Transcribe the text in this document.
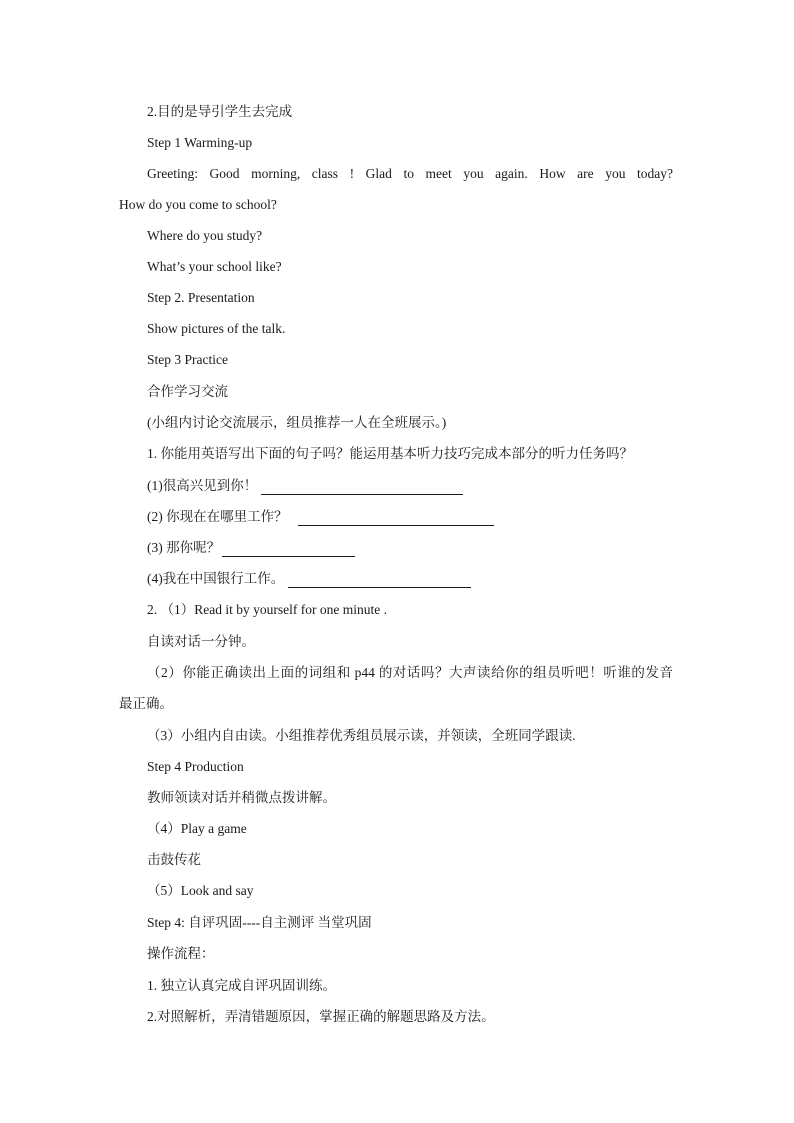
2.目的是导引学生去完成
Step 1 Warming-up
Greeting: Good morning, class ! Glad to meet you again. How are you today?
How do you come to school?
Where do you study?
What’s your school like?
Step 2. Presentation
Show pictures of the talk.
Step 3 Practice
合作学习交流
(小组内讨论交流展示，组员推荐一人在全班展示。)
1. 你能用英语写出下面的句子吗？能运用基本听力技巧完成本部分的听力任务吗？
(1)很高兴见到你！
(2) 你现在在哪里工作？
(3) 那你呢？
(4)我在中国银行工作。
2. （1）Read it by yourself for one minute .
自读对话一分钟。
（2）你能正确读出上面的词组和 p44 的对话吗？大声读给你的组员听吧！听谁的发音
最正确。
（3）小组内自由读。小组推荐优秀组员展示读，并领读，全班同学跟读.
Step 4 Production
教师领读对话并稍微点拨讲解。
（4）Play a game
击鼓传花
（5）Look and say
Step 4: 自评巩固----自主测评 当堂巩固
操作流程：
1. 独立认真完成自评巩固训练。
2.对照解析，弄清错题原因，掌握正确的解题思路及方法。
